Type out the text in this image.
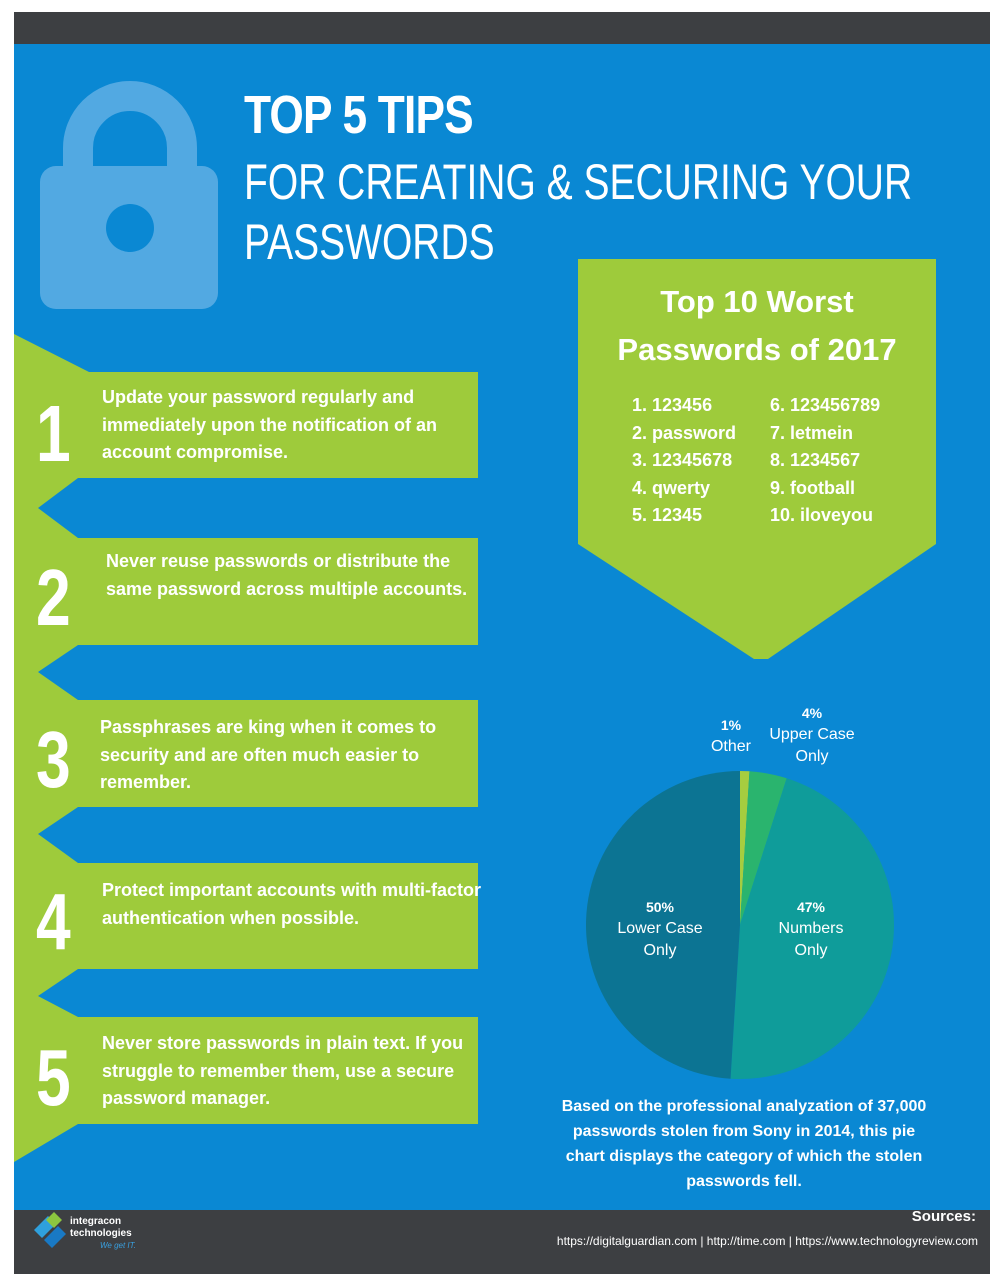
TOP 5 TIPS
FOR CREATING & SECURING YOUR
PASSWORDS
1 Update your password regularly and immediately upon the notification of an account compromise.
2 Never reuse passwords or distribute the same password across multiple accounts.
3 Passphrases are king when it comes to security and are often much easier to remember.
4 Protect important accounts with multi-factor authentication when possible.
5 Never store passwords in plain text. If you struggle to remember them, use a secure password manager.
Top 10 Worst
Passwords of 2017
1. 123456
2. password
3. 12345678
4. qwerty
5. 12345
6. 123456789
7. letmein
8. 1234567
9. football
10. iloveyou
1%
Other
4%
Upper Case Only
47%
Numbers Only
50%
Lower Case Only
Based on the professional analyzation of 37,000 passwords stolen from Sony in 2014, this pie chart displays the category of which the stolen passwords fell.
integracon
technologies
We get IT.
Sources:
https://digitalguardian.com | http://time.com | https://www.technologyreview.com
